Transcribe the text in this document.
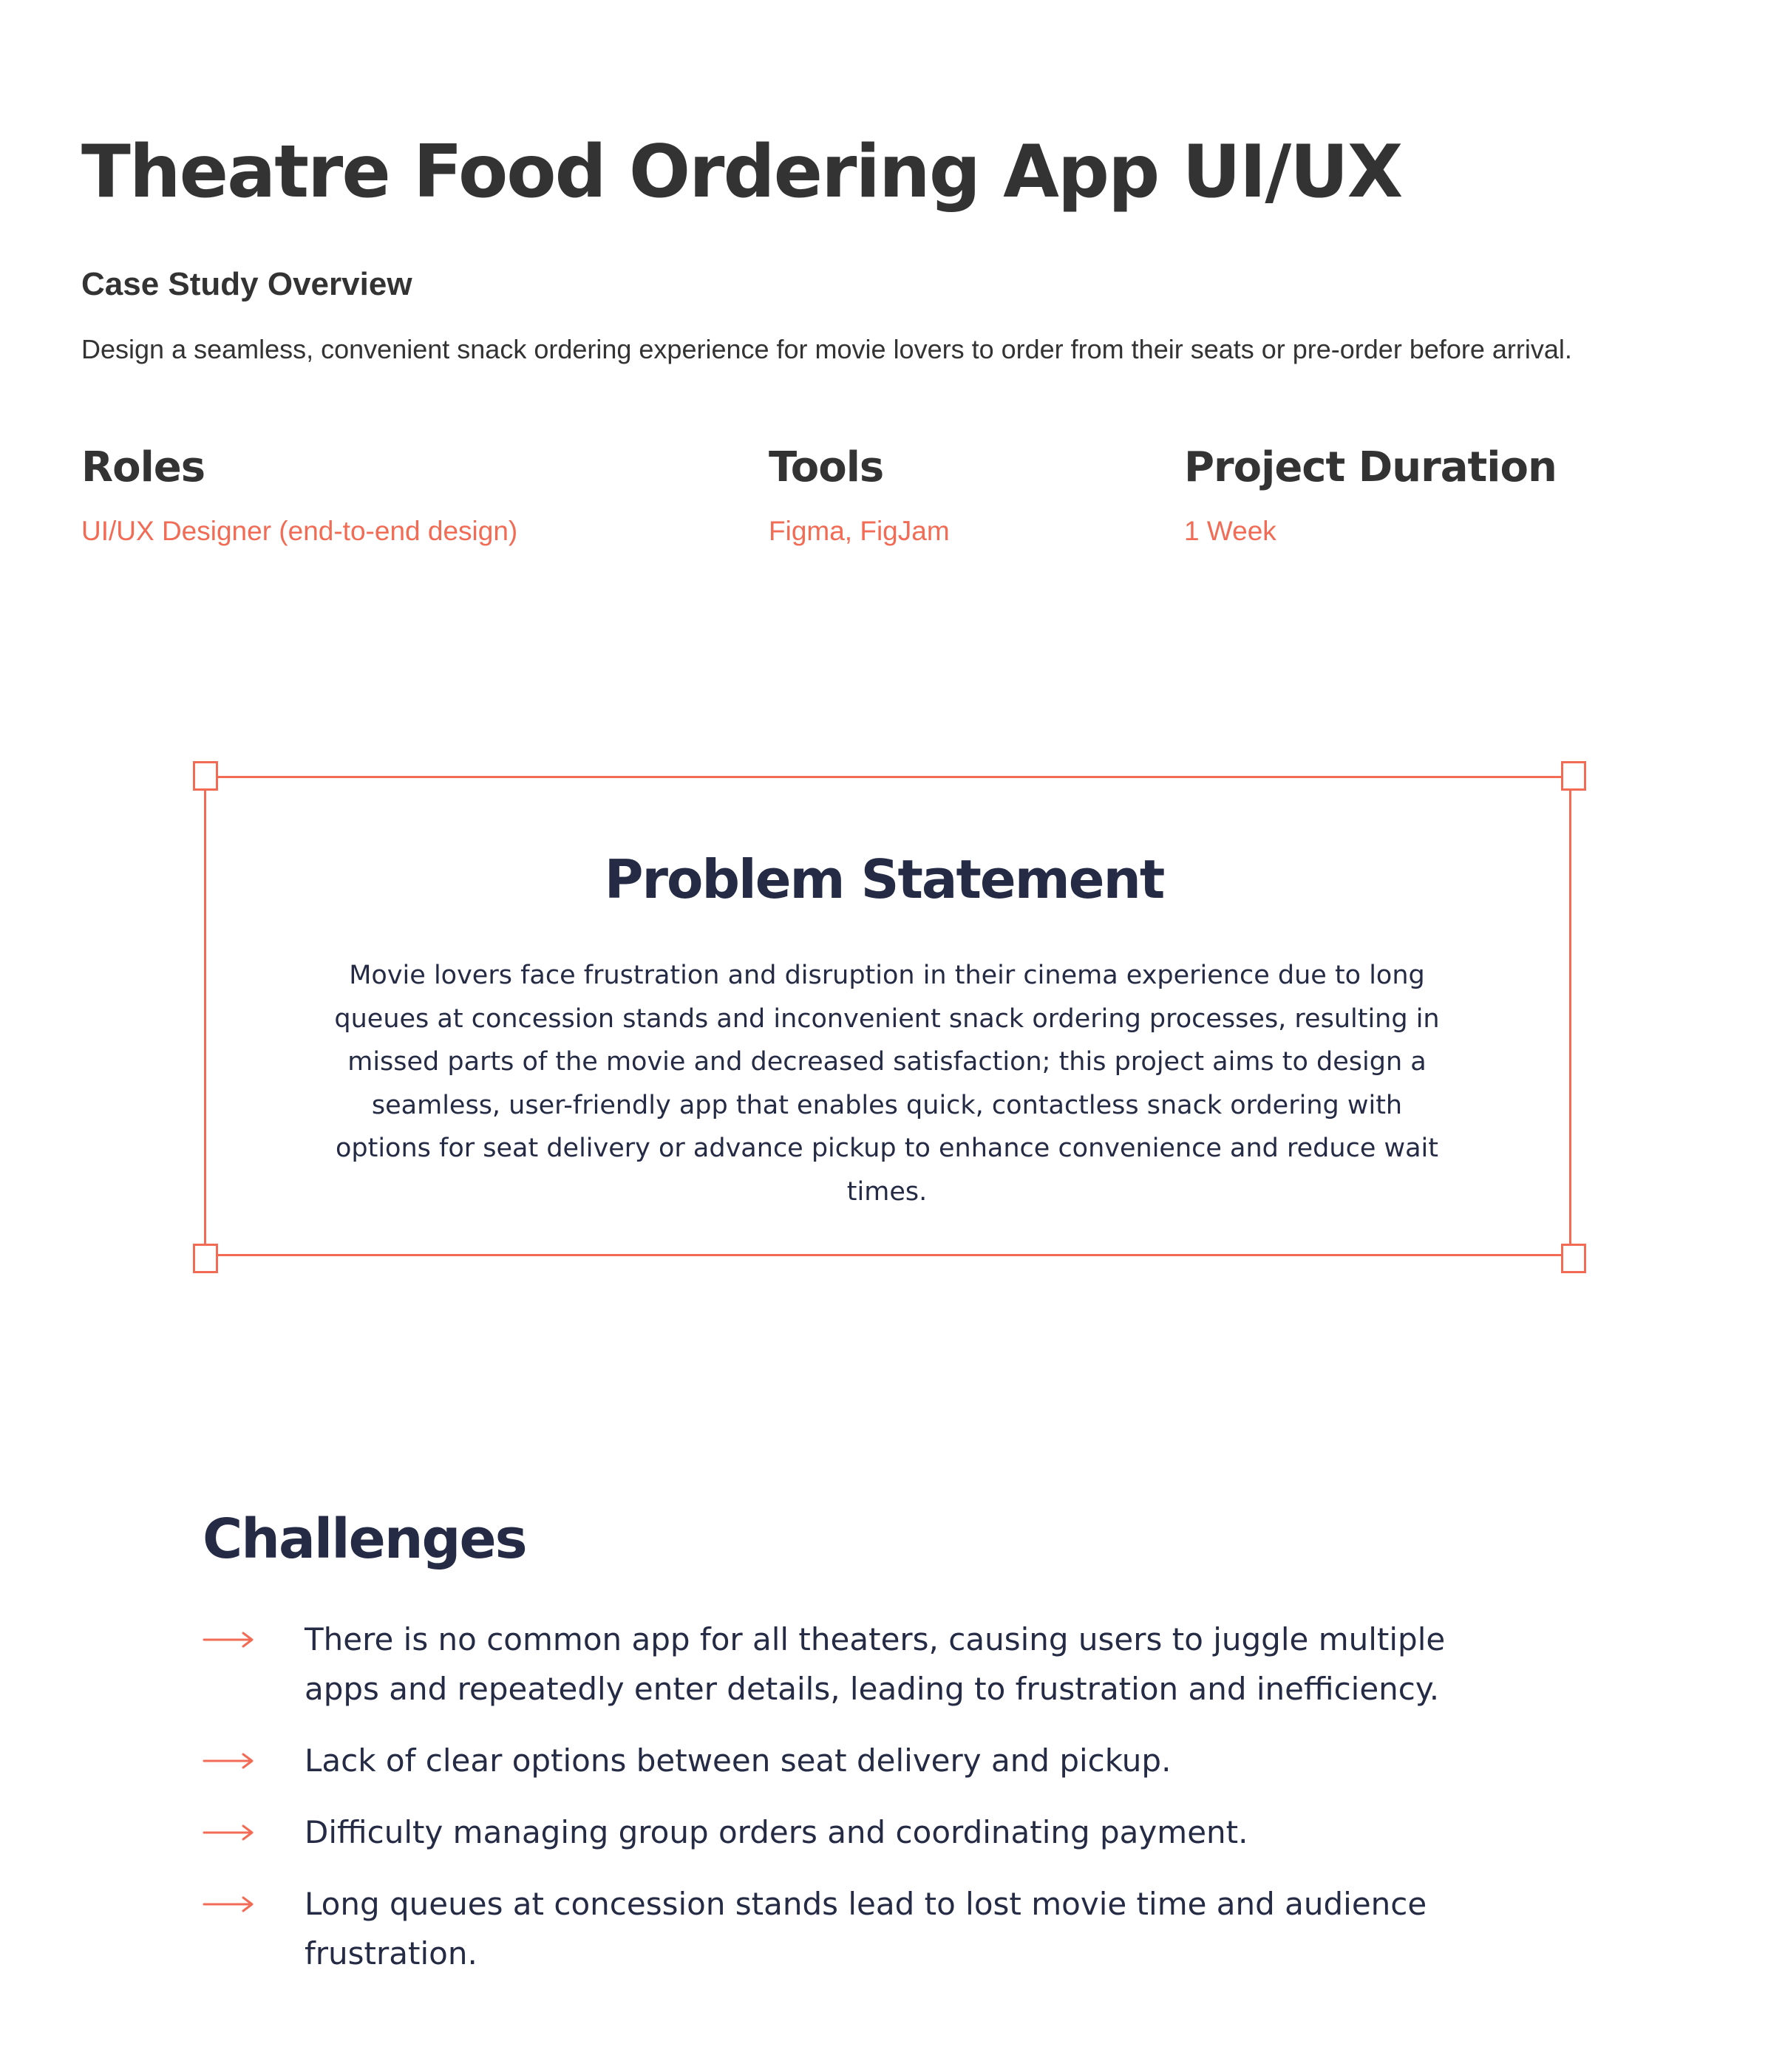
Theatre Food Ordering App UI/UX
Case Study Overview

Design a seamless, convenient snack ordering experience for movie lovers to order from their seats or pre-order before arrival.

Roles

UI/UX Designer (end-to-end design)

Tools

Figma, FigJam

Project Duration

1 Week

Problem Statement

Movie lovers face frustration and disruption in their cinema experience due to long queues at concession stands and inconvenient snack ordering processes, resulting in missed parts of the movie and decreased satisfaction; this project aims to design a seamless, user-friendly app that enables quick, contactless snack ordering with options for seat delivery or advance pickup to enhance convenience and reduce wait times.

Challenges
There is no common app for all theaters, causing users to juggle multiple apps and repeatedly enter details, leading to frustration and inefficiency.
Lack of clear options between seat delivery and pickup.
Difficulty managing group orders and coordinating payment.
Long queues at concession stands lead to lost movie time and audience frustration.
